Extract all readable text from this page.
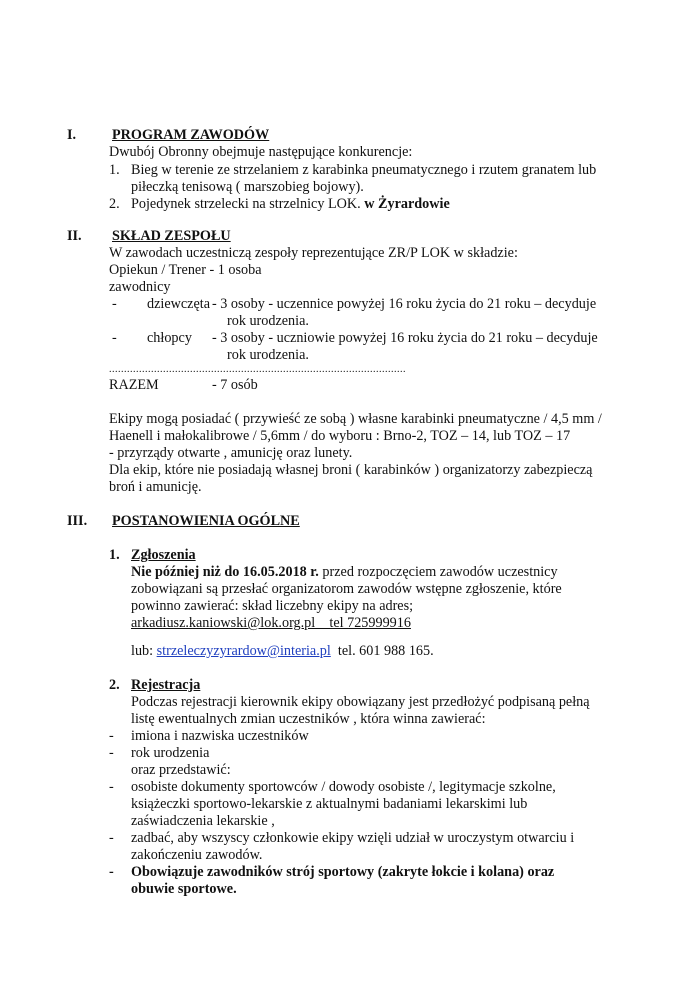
I.	PROGRAM ZAWODÓW
Dwubój Obronny obejmuje następujące konkurencje:
1. Bieg w terenie ze strzelaniem z karabinka pneumatycznego i rzutem granatem lub
piłeczką tenisową ( marszobieg bojowy).
2. Pojedynek strzelecki na strzelnicy LOK. w Żyrardowie
II. SKŁAD ZESPOŁU
W zawodach uczestniczą zespoły reprezentujące ZR/P LOK w składzie:
Opiekun / Trener - 1 osoba
zawodnicy
- dziewczęta - 3 osoby - uczennice powyżej 16 roku życia do 21 roku – decyduje
rok urodzenia.
- chłopcy - 3 osoby - uczniowie powyżej 16 roku życia do 21 roku – decyduje
rok urodzenia.
...................................................................................................
RAZEM	- 7 osób
Ekipy mogą posiadać ( przywieść ze sobą ) własne karabinki pneumatyczne / 4,5 mm /
Haenell i małokalibrowe / 5,6mm / do wyboru : Brno-2, TOZ – 14, lub TOZ – 17
- przyrządy otwarte , amunicję oraz lunety.
Dla ekip, które nie posiadają własnej broni ( karabinków ) organizatorzy zabezpieczą
broń i amunicję.
III. POSTANOWIENIA OGÓLNE
1. Zgłoszenia
Nie później niż do 16.05.2018 r. przed rozpoczęciem zawodów uczestnicy
zobowiązani są przesłać organizatorom zawodów wstępne zgłoszenie, które
powinno zawierać: skład liczebny ekipy na adres;
arkadiusz.kaniowski@lok.org.pl    tel 725999916
lub: strzeleczyzyrardow@interia.pl tel. 601 988 165.
2. Rejestracja
Podczas rejestracji kierownik ekipy obowiązany jest przedłożyć podpisaną pełną
listę ewentualnych zmian uczestników , która winna zawierać:
- imiona i nazwiska uczestników
- rok urodzenia
oraz przedstawić:
- osobiste dokumenty sportowców / dowody osobiste /, legitymacje szkolne,
książeczki sportowo-lekarskie z aktualnymi badaniami lekarskimi lub
zaświadczenia lekarskie ,
- zadbać, aby wszyscy członkowie ekipy wzięli udział w uroczystym otwarciu i
zakończeniu zawodów.
- Obowiązuje zawodników strój sportowy (zakryte łokcie i kolana) oraz
obuwie sportowe.
